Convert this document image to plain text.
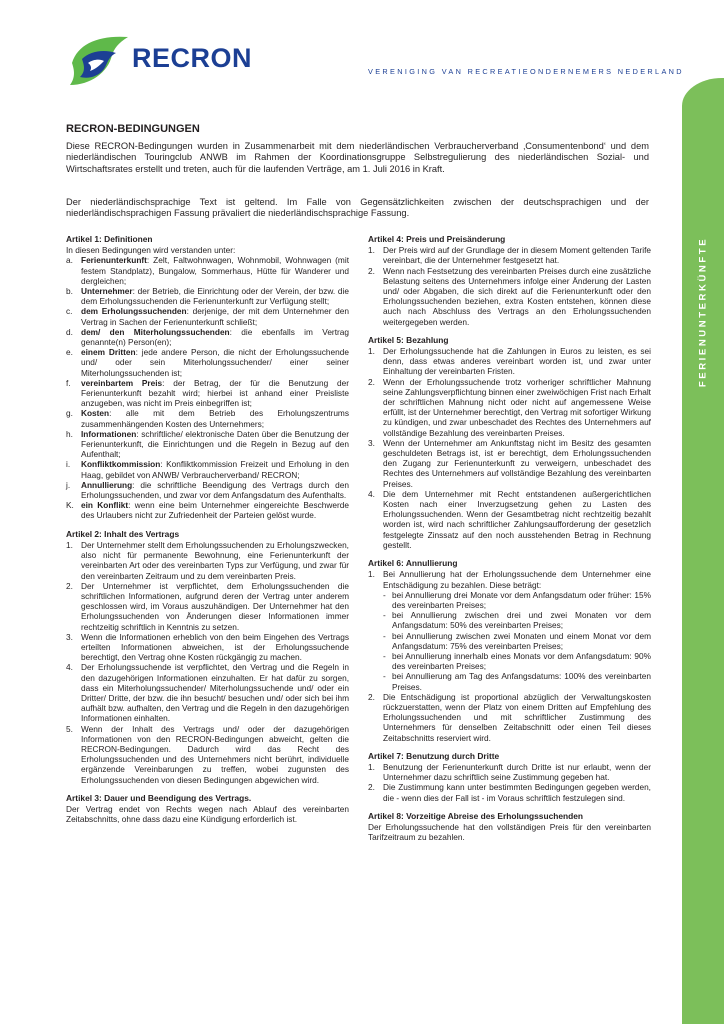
RECRON	VERENIGING VAN RECREATIEONDERNEMERS NEDERLAND
FERIENUNTERKÜNFTE
RECRON-BEDINGUNGEN

Diese RECRON-Bedingungen wurden in Zusammenarbeit mit dem niederländischen Verbraucherverband ‚Consumentenbond‘ und dem niederländischen Touringclub ANWB im Rahmen der Koordinationsgruppe Selbstregulierung des niederländischen Sozial- und Wirtschaftsrates erstellt und treten, auch für die laufenden Verträge, am 1. Juli 2016 in Kraft.

Der niederländischsprachige Text ist geltend. Im Falle von Gegensätzlichkeiten zwischen der deutschsprachigen und der niederländischsprachigen Fassung prävaliert die niederländischsprachige Fassung.

Artikel 1: Definitionen

In diesen Bedingungen wird verstanden unter:

a. Ferienunterkunft: Zelt, Faltwohnwagen, Wohnmobil, Wohnwagen (mit festem Standplatz), Bungalow, Sommerhaus, Hütte für Wanderer und dergleichen;
b. Unternehmer: der Betrieb, die Einrichtung oder der Verein, der bzw. die dem Erholungssuchenden die Ferienunterkunft zur Verfügung stellt;
c. dem Erholungssuchenden: derjenige, der mit dem Unternehmer den Vertrag in Sachen der Ferienunterkunft schließt;
d. dem/ den Miterholungssuchenden: die ebenfalls im Vertrag genannte(n) Person(en);
e. einem Dritten: jede andere Person, die nicht der Erholungssuchende und/ oder sein Miterholungssuchender/ einer seiner Miterholungssuchenden ist;
f. vereinbartem Preis: der Betrag, der für die Benutzung der Ferienunterkunft bezahlt wird; hierbei ist anhand einer Preisliste anzugeben, was nicht im Preis einbegriffen ist;
g. Kosten: alle mit dem Betrieb des Erholungszentrums zusammenhängenden Kosten des Unternehmers;
h. Informationen: schriftliche/ elektronische Daten über die Benutzung der Ferienunterkunft, die Einrichtungen und die Regeln in Bezug auf den Aufenthalt;
i. Konfliktkommission: Konfliktkommission Freizeit und Erholung in den Haag, gebildet von ANWB/ Verbraucherverband/ RECRON;
j. Annullierung: die schriftliche Beendigung des Vertrags durch den Erholungssuchenden, und zwar vor dem Anfangsdatum des Aufenthalts.
K. ein Konflikt: wenn eine beim Unternehmer eingereichte Beschwerde des Urlaubers nicht zur Zufriedenheit der Parteien gelöst wurde.
Artikel 2: Inhalt des Vertrags
1. Der Unternehmer stellt dem Erholungssuchenden zu Erholungszwecken, also nicht für permanente Bewohnung, eine Ferienunterkunft der vereinbarten Art oder des vereinbarten Typs zur Verfügung, und zwar für den vereinbarten Zeitraum und zu dem vereinbarten Preis.
2. Der Unternehmer ist verpflichtet, dem Erholungssuchenden die schriftlichen Informationen, aufgrund deren der Vertrag unter anderem geschlossen wird, im Voraus auszuhändigen. Der Unternehmer hat den Erholungssuchenden von Änderungen dieser Informationen immer rechtzeitig schriftlich in Kenntnis zu setzen.
3. Wenn die Informationen erheblich von den beim Eingehen des Vertrags erteilten Informationen abweichen, ist der Erholungssuchende berechtigt, den Vertrag ohne Kosten rückgängig zu machen.
4. Der Erholungssuchende ist verpflichtet, den Vertrag und die Regeln in den dazugehörigen Informationen einzuhalten. Er hat dafür zu sorgen, dass ein Miterholungssuchender/ Miterholungssuchende und/ oder ein Dritter/ Dritte, der bzw. die ihn besucht/ besuchen und/ oder sich bei ihm aufhält bzw. aufhalten, den Vertrag und die Regeln in den dazugehörigen Informationen einhalten.
5. Wenn der Inhalt des Vertrags und/ oder der dazugehörigen Informationen von den RECRON-Bedingungen abweicht, gelten die RECRON-Bedingungen. Dadurch wird das Recht des Erholungssuchenden und des Unternehmers nicht berührt, individuelle ergänzende Vereinbarungen zu treffen, wobei zugunsten des Erholungssuchenden von diesen Bedingungen abgewichen wird.
Artikel 3: Dauer und Beendigung des Vertrags.

Der Vertrag endet von Rechts wegen nach Ablauf des vereinbarten Zeitabschnitts, ohne dass dazu eine Kündigung erforderlich ist.

Artikel 4: Preis und Preisänderung
1. Der Preis wird auf der Grundlage der in diesem Moment geltenden Tarife vereinbart, die der Unternehmer festgesetzt hat.
2. Wenn nach Festsetzung des vereinbarten Preises durch eine zusätzliche Belastung seitens des Unternehmers infolge einer Änderung der Lasten und/ oder Abgaben, die sich direkt auf die Ferienunterkunft oder den Erholungssuchenden beziehen, extra Kosten entstehen, können diese auch nach Abschluss des Vertrags an den Erholungssuchenden weitergegeben werden.
Artikel 5: Bezahlung
1. Der Erholungssuchende hat die Zahlungen in Euros zu leisten, es sei denn, dass etwas anderes vereinbart worden ist, und zwar unter Einhaltung der vereinbarten Fristen.
2. Wenn der Erholungssuchende trotz vorheriger schriftlicher Mahnung seine Zahlungsverpflichtung binnen einer zweiwöchigen Frist nach Erhalt der schriftlichen Mahnung nicht oder nicht auf angemessene Weise erfüllt, ist der Unternehmer berechtigt, den Vertrag mit sofortiger Wirkung zu kündigen, und zwar unbeschadet des Rechtes des Unternehmers auf vollständige Bezahlung des vereinbarten Preises.
3. Wenn der Unternehmer am Ankunftstag nicht im Besitz des gesamten geschuldeten Betrags ist, ist er berechtigt, dem Erholungssuchenden den Zugang zur Ferienunterkunft zu verweigern, unbeschadet des Rechtes des Unternehmers auf vollständige Bezahlung des vereinbarten Preises.
4. Die dem Unternehmer mit Recht entstandenen außergerichtlichen Kosten nach einer Inverzugsetzung gehen zu Lasten des Erholungssuchenden. Wenn der Gesamtbetrag nicht rechtzeitig bezahlt worden ist, wird nach schriftlicher Zahlungsaufforderung der gesetzlich festgelegte Zinssatz auf den noch ausstehenden Betrag in Rechnung gestellt.
Artikel 6: Annullierung
1. Bei Annullierung hat der Erholungssuchende dem Unternehmer eine Entschädigung zu bezahlen. Diese beträgt:
- bei Annullierung drei Monate vor dem Anfangsdatum oder früher: 15% des vereinbarten Preises;
- bei Annullierung zwischen drei und zwei Monaten vor dem Anfangsdatum: 50% des vereinbarten Preises;
- bei Annullierung zwischen zwei Monaten und einem Monat vor dem Anfangsdatum: 75% des vereinbarten Preises;
- bei Annullierung innerhalb eines Monats vor dem Anfangsdatum: 90% des vereinbarten Preises;
- bei Annullierung am Tag des Anfangsdatums: 100% des vereinbarten Preises.
2. Die Entschädigung ist proportional abzüglich der Verwaltungskosten rückzuerstatten, wenn der Platz von einem Dritten auf Empfehlung des Erholungssuchenden und mit schriftlicher Zustimmung des Unternehmers für denselben Zeitabschnitt oder einen Teil dieses Zeitabschnitts reserviert wird.
Artikel 7: Benutzung durch Dritte
1. Benutzung der Ferienunterkunft durch Dritte ist nur erlaubt, wenn der Unternehmer dazu schriftlich seine Zustimmung gegeben hat.
2. Die Zustimmung kann unter bestimmten Bedingungen gegeben werden, die - wenn dies der Fall ist - im Voraus schriftlich festzulegen sind.
Artikel 8: Vorzeitige Abreise des Erholungssuchenden

Der Erholungssuchende hat den vollständigen Preis für den vereinbarten Tarifzeitraum zu bezahlen.
